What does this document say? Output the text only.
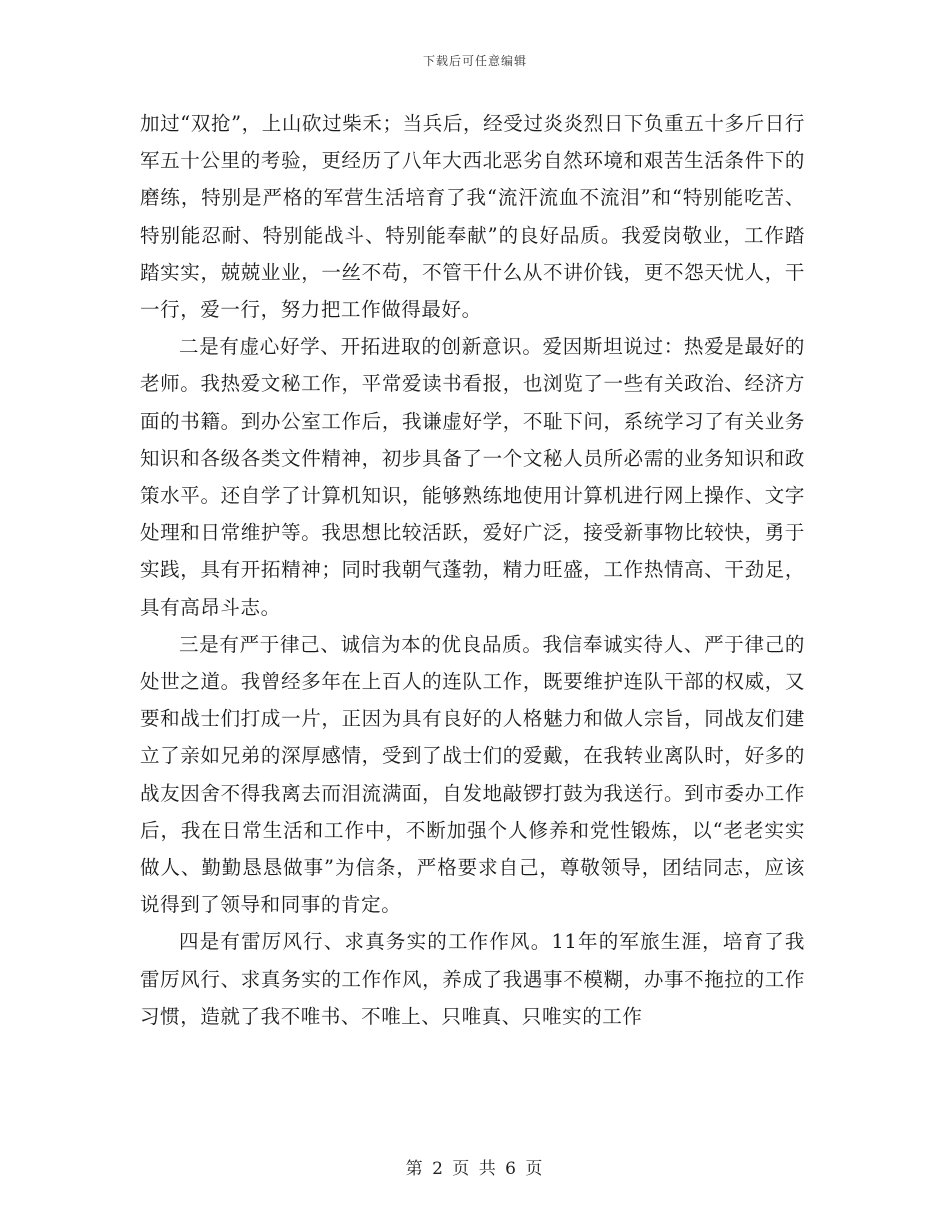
下载后可任意编辑

加过“双抢”，上山砍过柴禾；当兵后，经受过炎炎烈日下负重五十多斤日行军五十公里的考验，更经历了八年大西北恶劣自然环境和艰苦生活条件下的磨练，特别是严格的军营生活培育了我“流汗流血不流泪”和“特别能吃苦、特别能忍耐、特别能战斗、特别能奉献”的良好品质。我爱岗敬业，工作踏踏实实，兢兢业业，一丝不苟，不管干什么从不讲价钱，更不怨天忧人，干一行，爱一行，努力把工作做得最好。

二是有虚心好学、开拓进取的创新意识。爱因斯坦说过：热爱是最好的老师。我热爱文秘工作，平常爱读书看报，也浏览了一些有关政治、经济方面的书籍。到办公室工作后，我谦虚好学，不耻下问，系统学习了有关业务知识和各级各类文件精神，初步具备了一个文秘人员所必需的业务知识和政策水平。还自学了计算机知识，能够熟练地使用计算机进行网上操作、文字处理和日常维护等。我思想比较活跃，爱好广泛，接受新事物比较快，勇于实践，具有开拓精神；同时我朝气蓬勃，精力旺盛，工作热情高、干劲足，具有高昂斗志。

三是有严于律己、诚信为本的优良品质。我信奉诚实待人、严于律己的处世之道。我曾经多年在上百人的连队工作，既要维护连队干部的权威，又要和战士们打成一片，正因为具有良好的人格魅力和做人宗旨，同战友们建立了亲如兄弟的深厚感情，受到了战士们的爱戴，在我转业离队时，好多的战友因舍不得我离去而泪流满面，自发地敲锣打鼓为我送行。到市委办工作后，我在日常生活和工作中，不断加强个人修养和党性锻炼，以“老老实实做人、勤勤恳恳做事”为信条，严格要求自己，尊敬领导，团结同志，应该说得到了领导和同事的肯定。

四是有雷厉风行、求真务实的工作作风。11年的军旅生涯，培育了我雷厉风行、求真务实的工作作风，养成了我遇事不模糊，办事不拖拉的工作习惯，造就了我不唯书、不唯上、只唯真、只唯实的工作

第 2 页 共 6 页
